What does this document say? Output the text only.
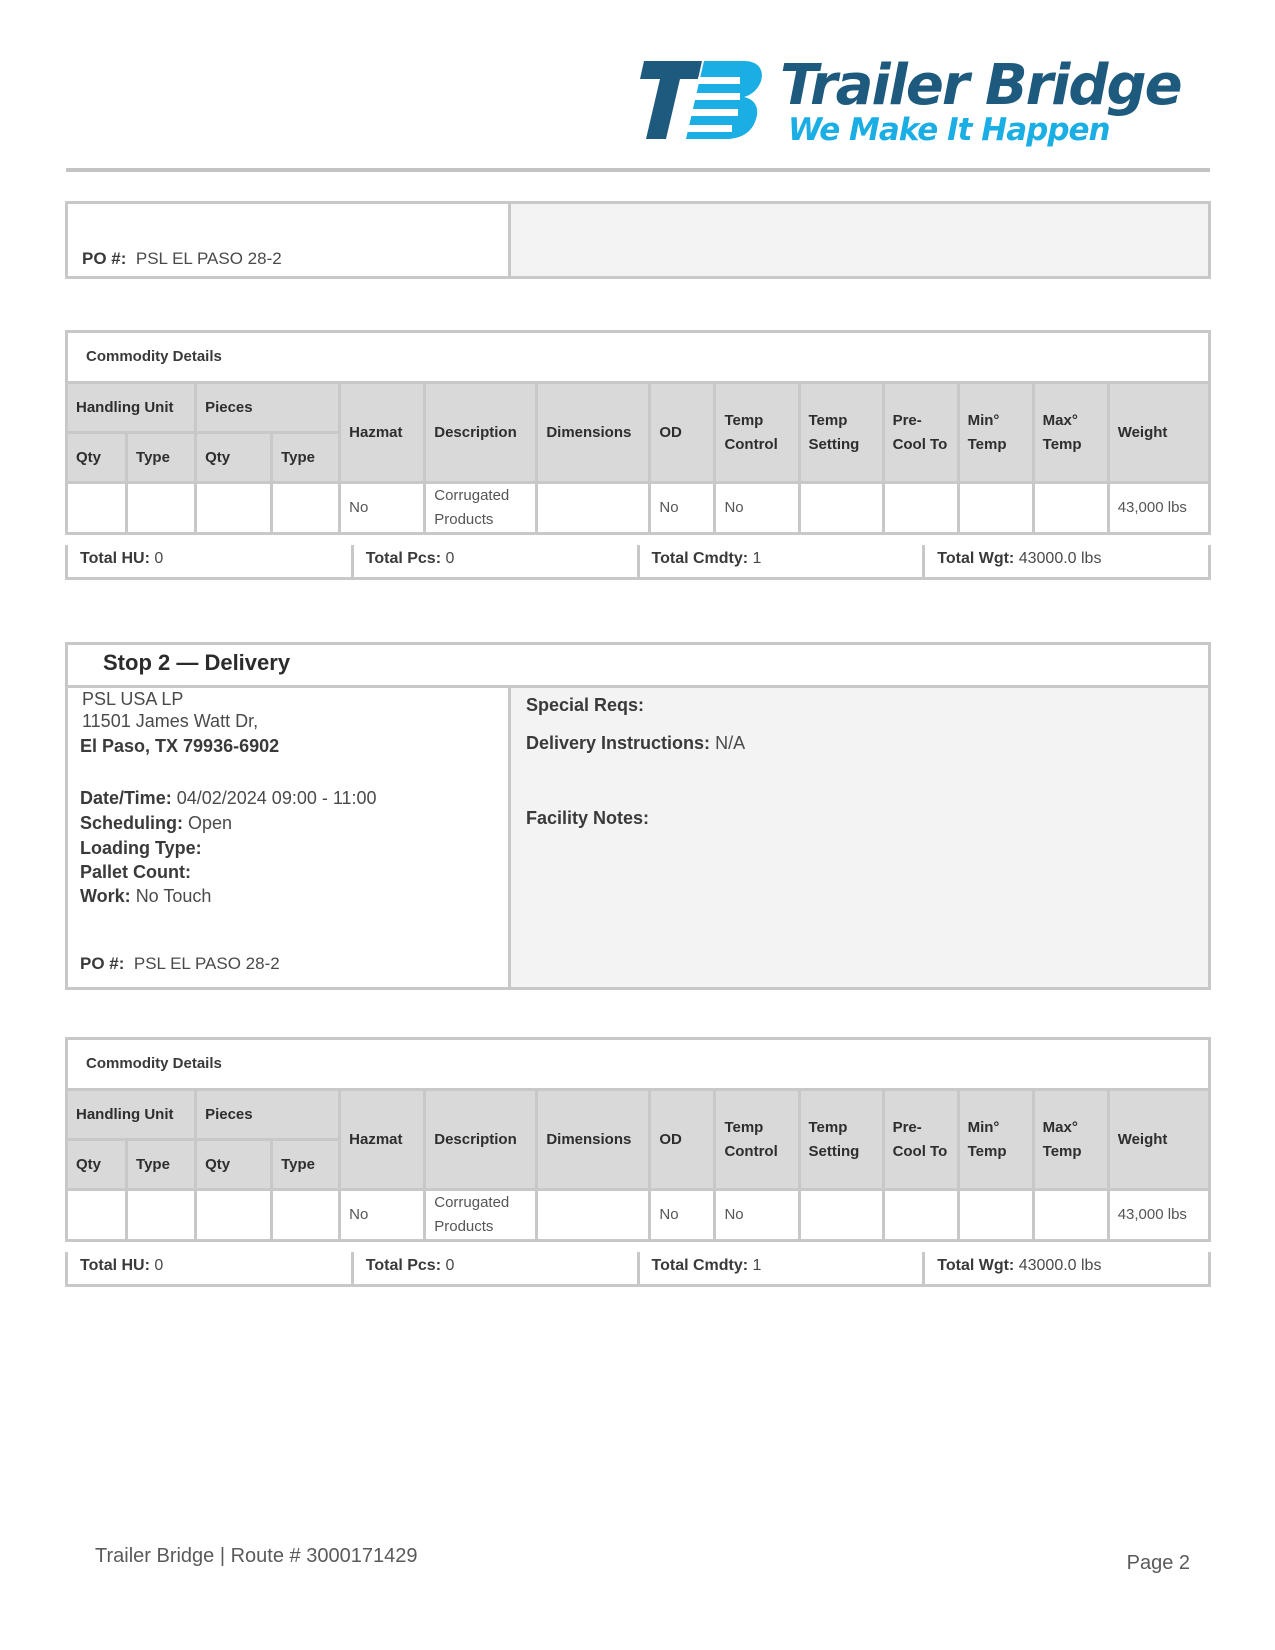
Trailer Bridge
We Make It Happen
PO #: PSL EL PASO 28-2
Commodity Details													
Handling Unit		Pieces		Hazmat	Description	Dimensions	OD	Temp Control	Temp Setting	Pre-Cool To	Min° Temp	Max° Temp	Weight
Qty	Type	Qty	Type										
				No	Corrugated Products		No	No					43,000 lbs
Total HU: 0	Total Pcs: 0	Total Cmdty: 1	Total Wgt: 43000.0 lbs
Stop 2 — Delivery
PSL USA LP
11501 James Watt Dr,
El Paso, TX 79936-6902
Date/Time: 04/02/2024 09:00 - 11:00
Scheduling: Open
Loading Type:
Pallet Count:
Work: No Touch
PO #: PSL EL PASO 28-2
Special Reqs:
Delivery Instructions: N/A
Facility Notes:
Commodity Details													
Handling Unit		Pieces		Hazmat	Description	Dimensions	OD	Temp Control	Temp Setting	Pre-Cool To	Min° Temp	Max° Temp	Weight
Qty	Type	Qty	Type										
				No	Corrugated Products		No	No					43,000 lbs
Total HU: 0	Total Pcs: 0	Total Cmdty: 1	Total Wgt: 43000.0 lbs
Trailer Bridge | Route # 3000171429	Page 2
